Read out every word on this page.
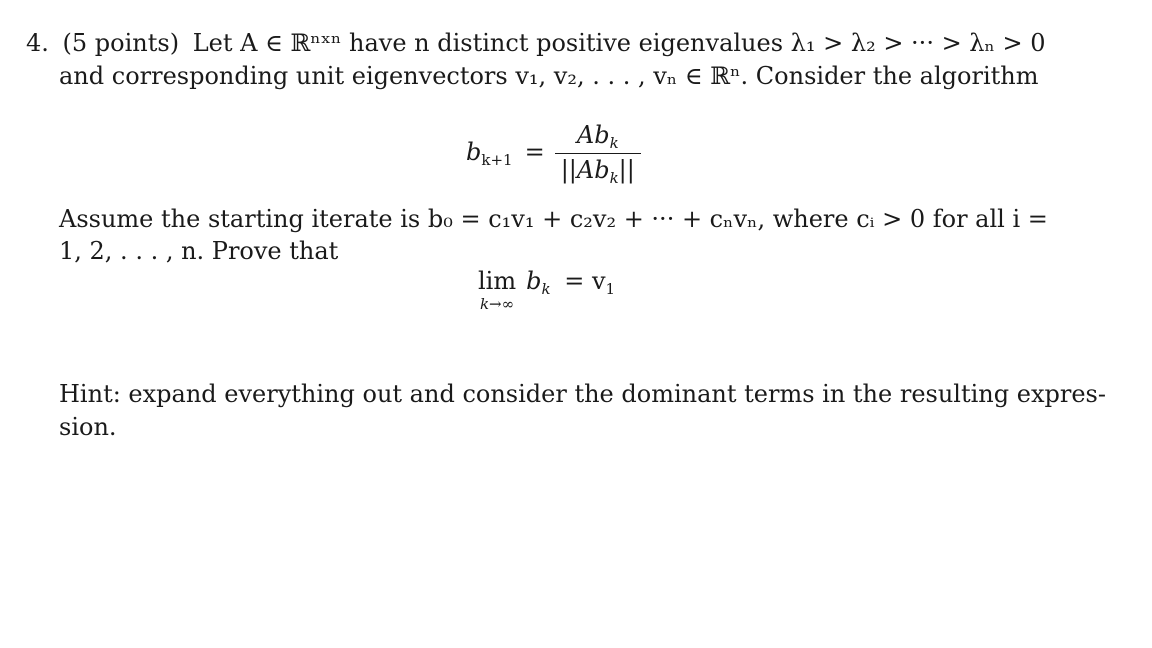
4. (5 points) Let A ∈ ℝⁿˣⁿ have n distinct positive eigenvalues λ₁ > λ₂ > ··· > λₙ > 0
and corresponding unit eigenvectors v₁, v₂, . . . , vₙ ∈ ℝⁿ. Consider the algorithm
$b_{k+1} = \frac{Ab_k}{||Ab_k||}$
Assume the starting iterate is b₀ = c₁v₁ + c₂v₂ + ··· + cₙvₙ, where cᵢ > 0 for all i =
1, 2, . . . , n. Prove that
lim
k→∞
$b_k = v_1$
Hint: expand everything out and consider the dominant terms in the resulting expres-
sion.
